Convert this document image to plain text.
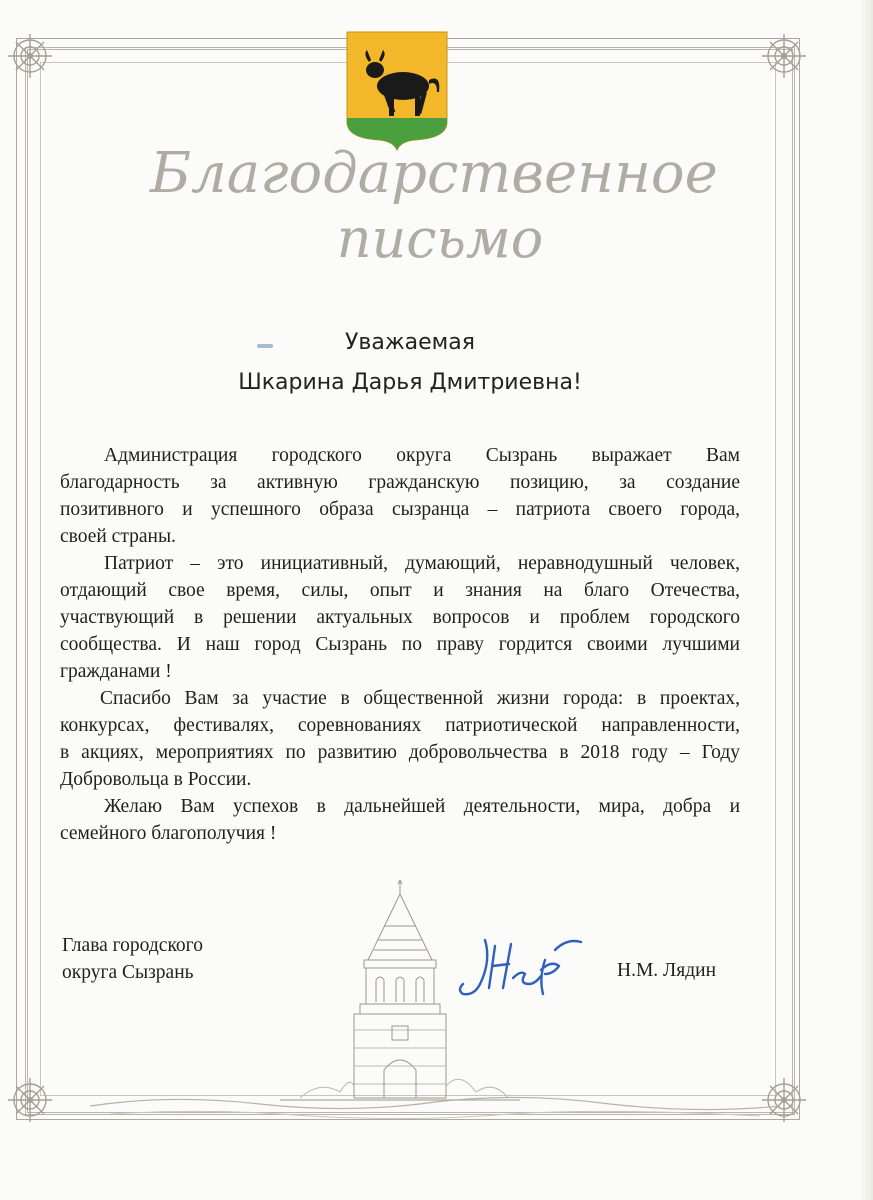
Благодарственное
письмо
Уважаемая
Шкарина Дарья Дмитриевна!
Администрация городского округа Сызрань выражает Вам
благодарность за активную гражданскую позицию, за создание
позитивного и успешного образа сызранца – патриота своего города,
своей страны.
Патриот – это инициативный, думающий, неравнодушный человек,
отдающий свое время, силы, опыт и знания на благо Отечества,
участвующий в решении актуальных вопросов и проблем городского
сообщества. И наш город Сызрань по праву гордится своими лучшими
гражданами !
Спасибо Вам за участие в общественной жизни города: в проектах,
конкурсах, фестивалях, соревнованиях патриотической направленности,
в акциях, мероприятиях по развитию добровольчества в 2018 году – Году
Добровольца в России.
Желаю Вам успехов в дальнейшей деятельности, мира, добра и
семейного благополучия !
Глава городского
округа Сызрань	Н.М. Лядин
